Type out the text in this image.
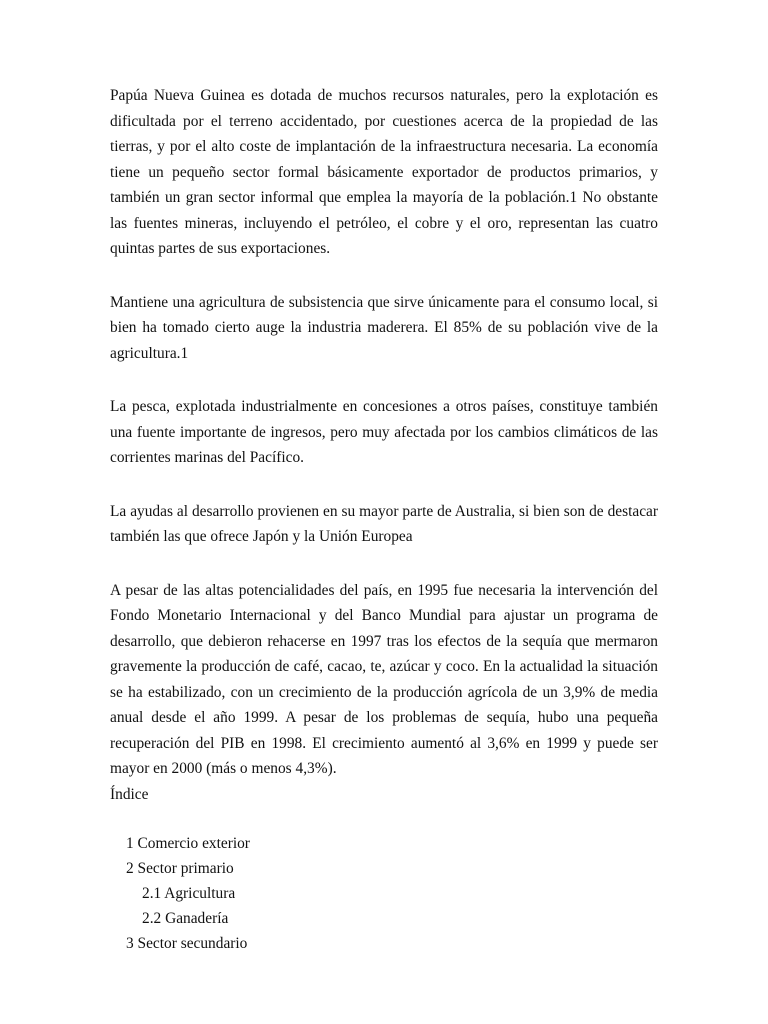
Papúa Nueva Guinea es dotada de muchos recursos naturales, pero la explotación es dificultada por el terreno accidentado, por cuestiones acerca de la propiedad de las tierras, y por el alto coste de implantación de la infraestructura necesaria. La economía tiene un pequeño sector formal básicamente exportador de productos primarios, y también un gran sector informal que emplea la mayoría de la población.1 No obstante las fuentes mineras, incluyendo el petróleo, el cobre y el oro, representan las cuatro quintas partes de sus exportaciones.

Mantiene una agricultura de subsistencia que sirve únicamente para el consumo local, si bien ha tomado cierto auge la industria maderera. El 85% de su población vive de la agricultura.1

La pesca, explotada industrialmente en concesiones a otros países, constituye también una fuente importante de ingresos, pero muy afectada por los cambios climáticos de las corrientes marinas del Pacífico.

La ayudas al desarrollo provienen en su mayor parte de Australia, si bien son de destacar también las que ofrece Japón y la Unión Europea

A pesar de las altas potencialidades del país, en 1995 fue necesaria la intervención del Fondo Monetario Internacional y del Banco Mundial para ajustar un programa de desarrollo, que debieron rehacerse en 1997 tras los efectos de la sequía que mermaron gravemente la producción de café, cacao, te, azúcar y coco. En la actualidad la situación se ha estabilizado, con un crecimiento de la producción agrícola de un 3,9% de media anual desde el año 1999. A pesar de los problemas de sequía, hubo una pequeña recuperación del PIB en 1998. El crecimiento aumentó al 3,6% en 1999 y puede ser mayor en 2000 (más o menos 4,3%).

Índice
1 Comercio exterior
2 Sector primario
2.1 Agricultura
2.2 Ganadería
3 Sector secundario
